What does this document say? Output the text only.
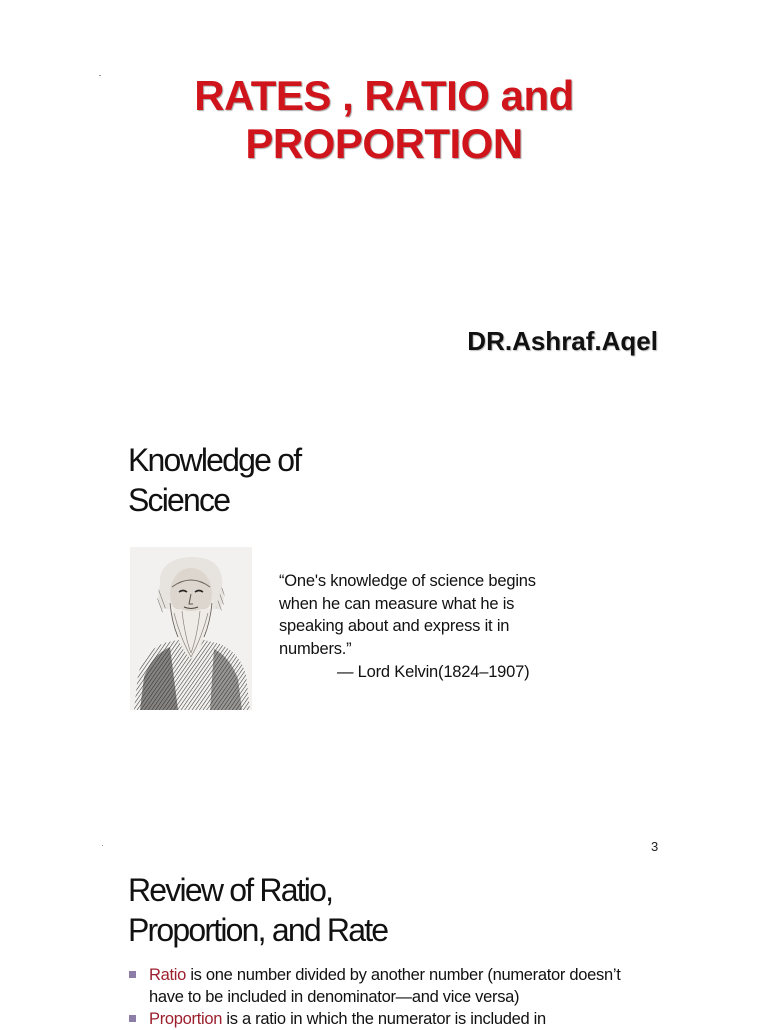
RATES , RATIO and
PROPORTION
DR.Ashraf.Aqel
Knowledge of
Science
“One's knowledge of science begins
when he can measure what he is
speaking about and express it in
numbers.”
— Lord Kelvin(1824–1907)
3
Review of Ratio,
Proportion, and Rate
Ratio is one number divided by another number (numerator doesn’t have to be included in denominator—and vice versa)
Proportion is a ratio in which the numerator is included in
